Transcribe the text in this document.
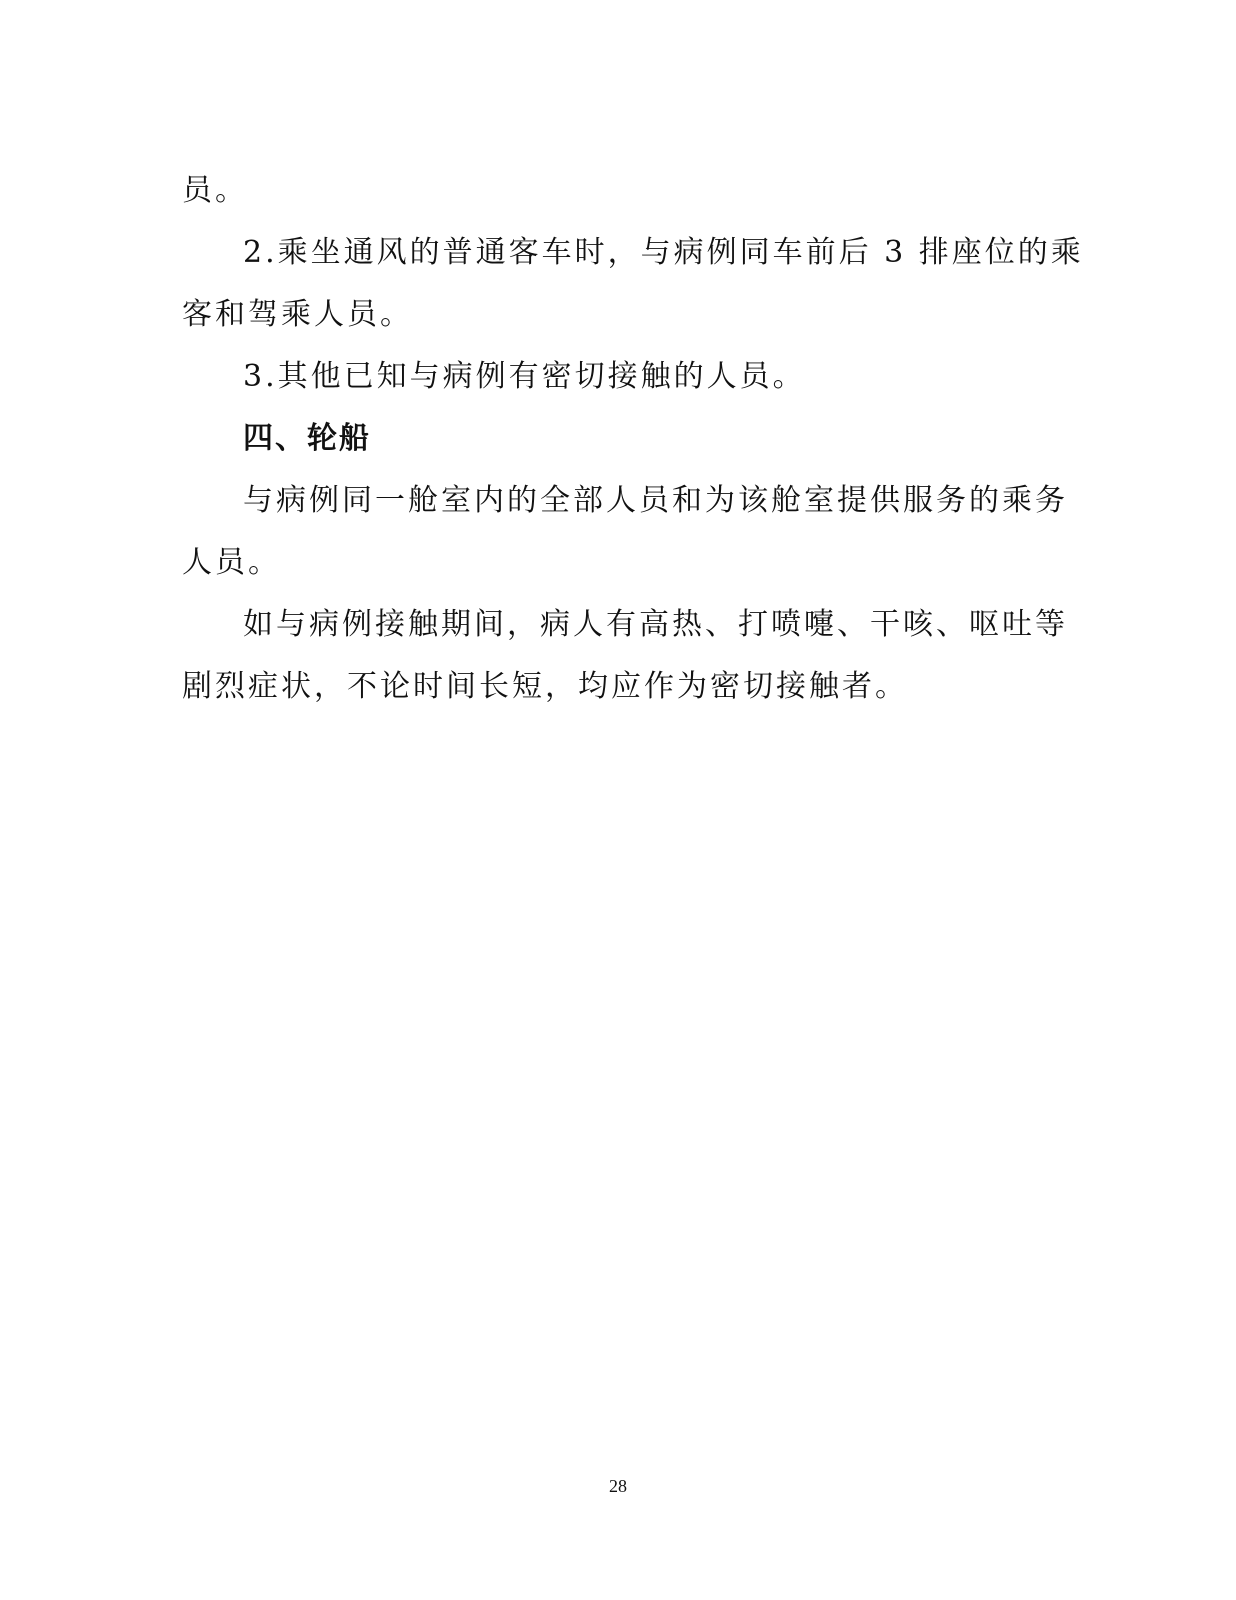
员。
2.乘坐通风的普通客车时，与病例同车前后 3 排座位的乘
客和驾乘人员。
3.其他已知与病例有密切接触的人员。
四、轮船
与病例同一舱室内的全部人员和为该舱室提供服务的乘务
人员。
如与病例接触期间，病人有高热、打喷嚏、干咳、呕吐等
剧烈症状，不论时间长短，均应作为密切接触者。
28
